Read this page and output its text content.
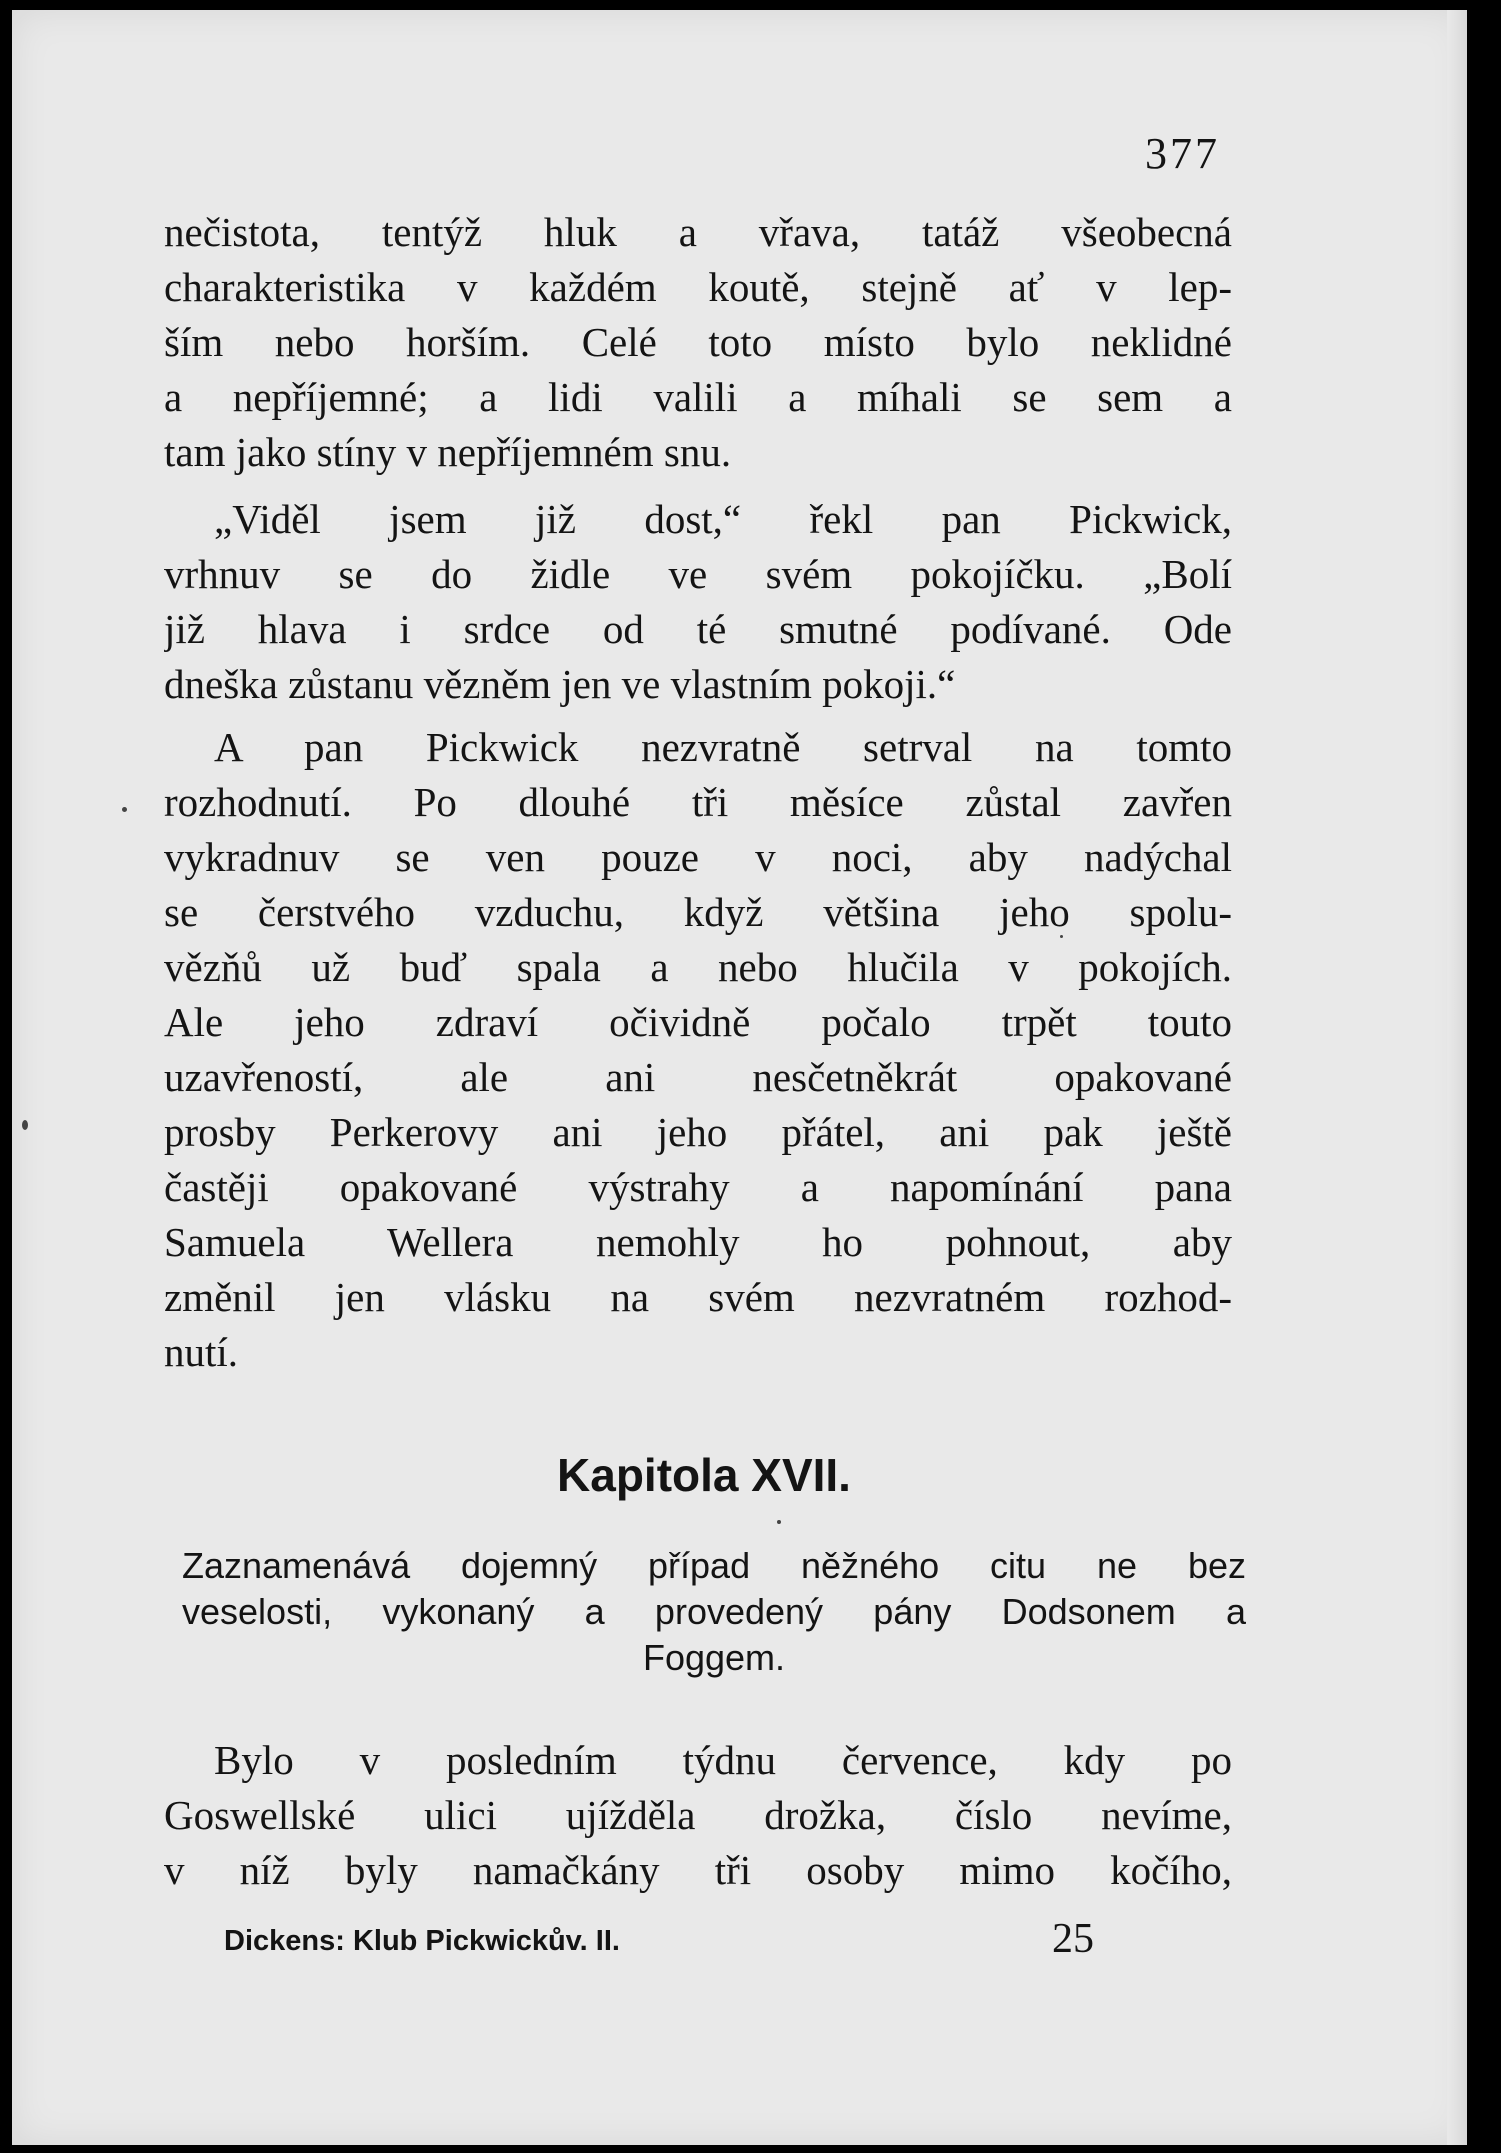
377
nečistota, tentýž hluk a vřava, tatáž všeobecná
charakteristika v každém koutě, stejně ať v lep-
ším nebo horším. Celé toto místo bylo neklidné
a nepříjemné; a lidi valili a míhali se sem a
tam jako stíny v nepříjemném snu.
„Viděl jsem již dost,“ řekl pan Pickwick,
vrhnuv se do židle ve svém pokojíčku. „Bolí
již hlava i srdce od té smutné podívané. Ode
dneška zůstanu vězněm jen ve vlastním pokoji.“
A pan Pickwick nezvratně setrval na tomto
rozhodnutí. Po dlouhé tři měsíce zůstal zavřen
vykradnuv se ven pouze v noci, aby nadýchal
se čerstvého vzduchu, když většina jeho spolu-
vězňů už buď spala a nebo hlučila v pokojích.
Ale jeho zdraví očividně počalo trpět touto
uzavřeností, ale ani nesčetněkrát opakované
prosby Perkerovy ani jeho přátel, ani pak ještě
častěji opakované výstrahy a napomínání pana
Samuela Wellera nemohly ho pohnout, aby
změnil jen vlásku na svém nezvratném rozhod-
nutí.
Kapitola XVII.
Zaznamenává dojemný případ něžného citu ne bez
veselosti, vykonaný a provedený pány Dodsonem a
Foggem.
Bylo v posledním týdnu července, kdy po
Goswellské ulici ujížděla drožka, číslo nevíme,
v níž byly namačkány tři osoby mimo kočího,
Dickens: Klub Pickwickův. II.	25
